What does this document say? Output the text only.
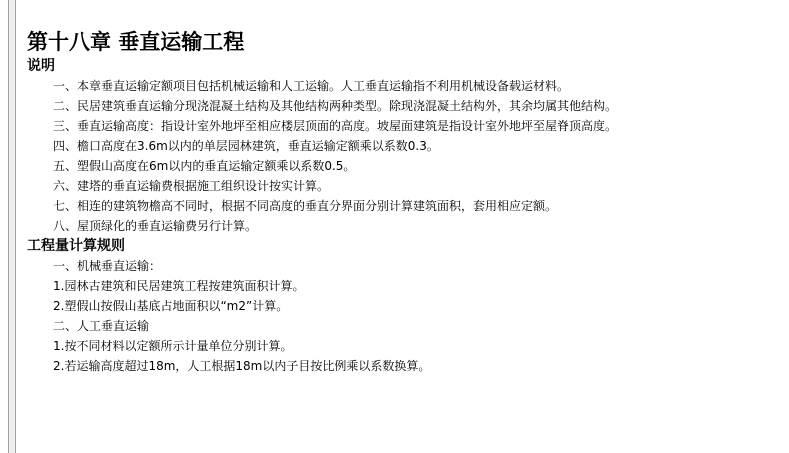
第十八章 垂直运输工程
说明
一、本章垂直运输定额项目包括机械运输和人工运输。人工垂直运输指不利用机械设备载运材料。
二、民居建筑垂直运输分现浇混凝土结构及其他结构两种类型。除现浇混凝土结构外，其余均属其他结构。
三、垂直运输高度：指设计室外地坪至相应楼层顶面的高度。坡屋面建筑是指设计室外地坪至屋脊顶高度。
四、檐口高度在3.6m以内的单层园林建筑，垂直运输定额乘以系数0.3。
五、塑假山高度在6m以内的垂直运输定额乘以系数0.5。
六、建塔的垂直运输费根据施工组织设计按实计算。
七、相连的建筑物檐高不同时，根据不同高度的垂直分界面分别计算建筑面积，套用相应定额。
八、屋顶绿化的垂直运输费另行计算。
工程量计算规则
一、机械垂直运输：
1.园林古建筑和民居建筑工程按建筑面积计算。
2.塑假山按假山基底占地面积以“m2”计算。
二、人工垂直运输
1.按不同材料以定额所示计量单位分别计算。
2.若运输高度超过18m，人工根据18m以内子目按比例乘以系数换算。
